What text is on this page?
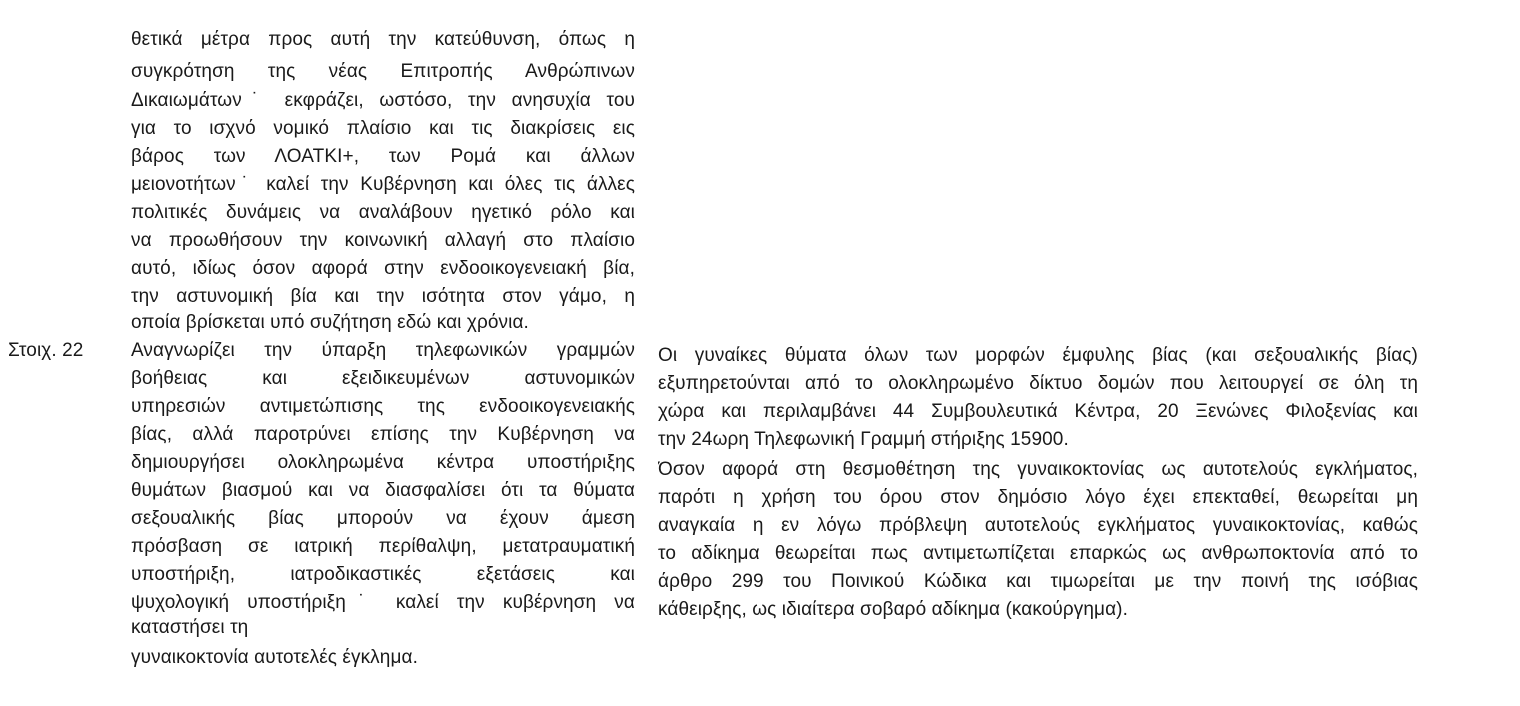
θετικά μέτρα προς αυτή την κατεύθυνση, όπως η
συγκρότηση της νέας Επιτροπής Ανθρώπινων
Δικαιωμάτων˙ εκφράζει, ωστόσο, την ανησυχία του
για το ισχνό νομικό πλαίσιο και τις διακρίσεις εις
βάρος των ΛΟΑΤΚΙ+, των Ρομά και άλλων
μειονοτήτων˙ καλεί την Κυβέρνηση και όλες τις άλλες
πολιτικές δυνάμεις να αναλάβουν ηγετικό ρόλο και
να προωθήσουν την κοινωνική αλλαγή στο πλαίσιο
αυτό, ιδίως όσον αφορά στην ενδοοικογενειακή βία,
την αστυνομική βία και την ισότητα στον γάμο, η
οποία βρίσκεται υπό συζήτηση εδώ και χρόνια.
Στοιχ. 22	Αναγνωρίζει την ύπαρξη τηλεφωνικών γραμμών
βοήθειας και εξειδικευμένων αστυνομικών
υπηρεσιών αντιμετώπισης της ενδοοικογενειακής
βίας, αλλά παροτρύνει επίσης την Κυβέρνηση να
δημιουργήσει ολοκληρωμένα κέντρα υποστήριξης
θυμάτων βιασμού και να διασφαλίσει ότι τα θύματα
σεξουαλικής βίας μπορούν να έχουν άμεση
πρόσβαση σε ιατρική περίθαλψη, μετατραυματική
υποστήριξη, ιατροδικαστικές εξετάσεις και
ψυχολογική υποστήριξη˙ καλεί την κυβέρνηση να
καταστήσει τη
γυναικοκτονία αυτοτελές έγκλημα.
Οι γυναίκες θύματα όλων των μορφών έμφυλης βίας (και σεξουαλικής βίας)
εξυπηρετούνται από το ολοκληρωμένο δίκτυο δομών που λειτουργεί σε όλη τη
χώρα και περιλαμβάνει 44 Συμβουλευτικά Κέντρα, 20 Ξενώνες Φιλοξενίας και
την 24ωρη Τηλεφωνική Γραμμή στήριξης 15900.
Όσον αφορά στη θεσμοθέτηση της γυναικοκτονίας ως αυτοτελούς εγκλήματος,
παρότι η χρήση του όρου στον δημόσιο λόγο έχει επεκταθεί, θεωρείται μη
αναγκαία η εν λόγω πρόβλεψη αυτοτελούς εγκλήματος γυναικοκτονίας, καθώς
το αδίκημα θεωρείται πως αντιμετωπίζεται επαρκώς ως ανθρωποκτονία από το
άρθρο 299 του Ποινικού Κώδικα και τιμωρείται με την ποινή της ισόβιας
κάθειρξης, ως ιδιαίτερα σοβαρό αδίκημα (κακούργημα).
